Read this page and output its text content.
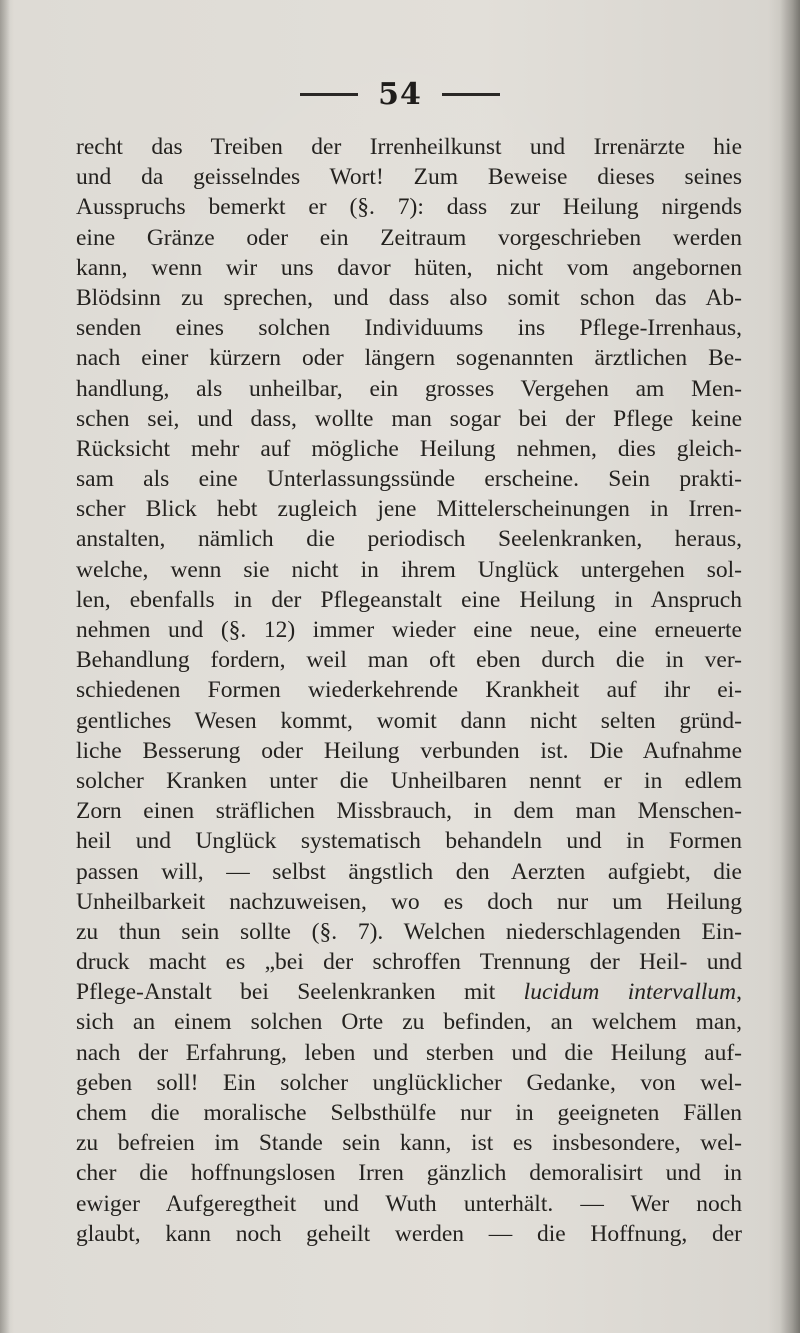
54
recht das Treiben der Irrenheilkunst und Irrenärzte hie
und da geisselndes Wort! Zum Beweise dieses seines
Ausspruchs bemerkt er (§. 7): dass zur Heilung nirgends
eine Gränze oder ein Zeitraum vorgeschrieben werden
kann, wenn wir uns davor hüten, nicht vom angebornen
Blödsinn zu sprechen, und dass also somit schon das Ab-
senden eines solchen Individuums ins Pflege-Irrenhaus,
nach einer kürzern oder längern sogenannten ärztlichen Be-
handlung, als unheilbar, ein grosses Vergehen am Men-
schen sei, und dass, wollte man sogar bei der Pflege keine
Rücksicht mehr auf mögliche Heilung nehmen, dies gleich-
sam als eine Unterlassungssünde erscheine. Sein prakti-
scher Blick hebt zugleich jene Mittelerscheinungen in Irren-
anstalten, nämlich die periodisch Seelenkranken, heraus,
welche, wenn sie nicht in ihrem Unglück untergehen sol-
len, ebenfalls in der Pflegeanstalt eine Heilung in Anspruch
nehmen und (§. 12) immer wieder eine neue, eine erneuerte
Behandlung fordern, weil man oft eben durch die in ver-
schiedenen Formen wiederkehrende Krankheit auf ihr ei-
gentliches Wesen kommt, womit dann nicht selten gründ-
liche Besserung oder Heilung verbunden ist. Die Aufnahme
solcher Kranken unter die Unheilbaren nennt er in edlem
Zorn einen sträflichen Missbrauch, in dem man Menschen-
heil und Unglück systematisch behandeln und in Formen
passen will, — selbst ängstlich den Aerzten aufgiebt, die
Unheilbarkeit nachzuweisen, wo es doch nur um Heilung
zu thun sein sollte (§. 7). Welchen niederschlagenden Ein-
druck macht es „bei der schroffen Trennung der Heil- und
Pflege-Anstalt bei Seelenkranken mit lucidum intervallum,
sich an einem solchen Orte zu befinden, an welchem man,
nach der Erfahrung, leben und sterben und die Heilung auf-
geben soll! Ein solcher unglücklicher Gedanke, von wel-
chem die moralische Selbsthülfe nur in geeigneten Fällen
zu befreien im Stande sein kann, ist es insbesondere, wel-
cher die hoffnungslosen Irren gänzlich demoralisirt und in
ewiger Aufgeregtheit und Wuth unterhält. — Wer noch
glaubt, kann noch geheilt werden — die Hoffnung, der
